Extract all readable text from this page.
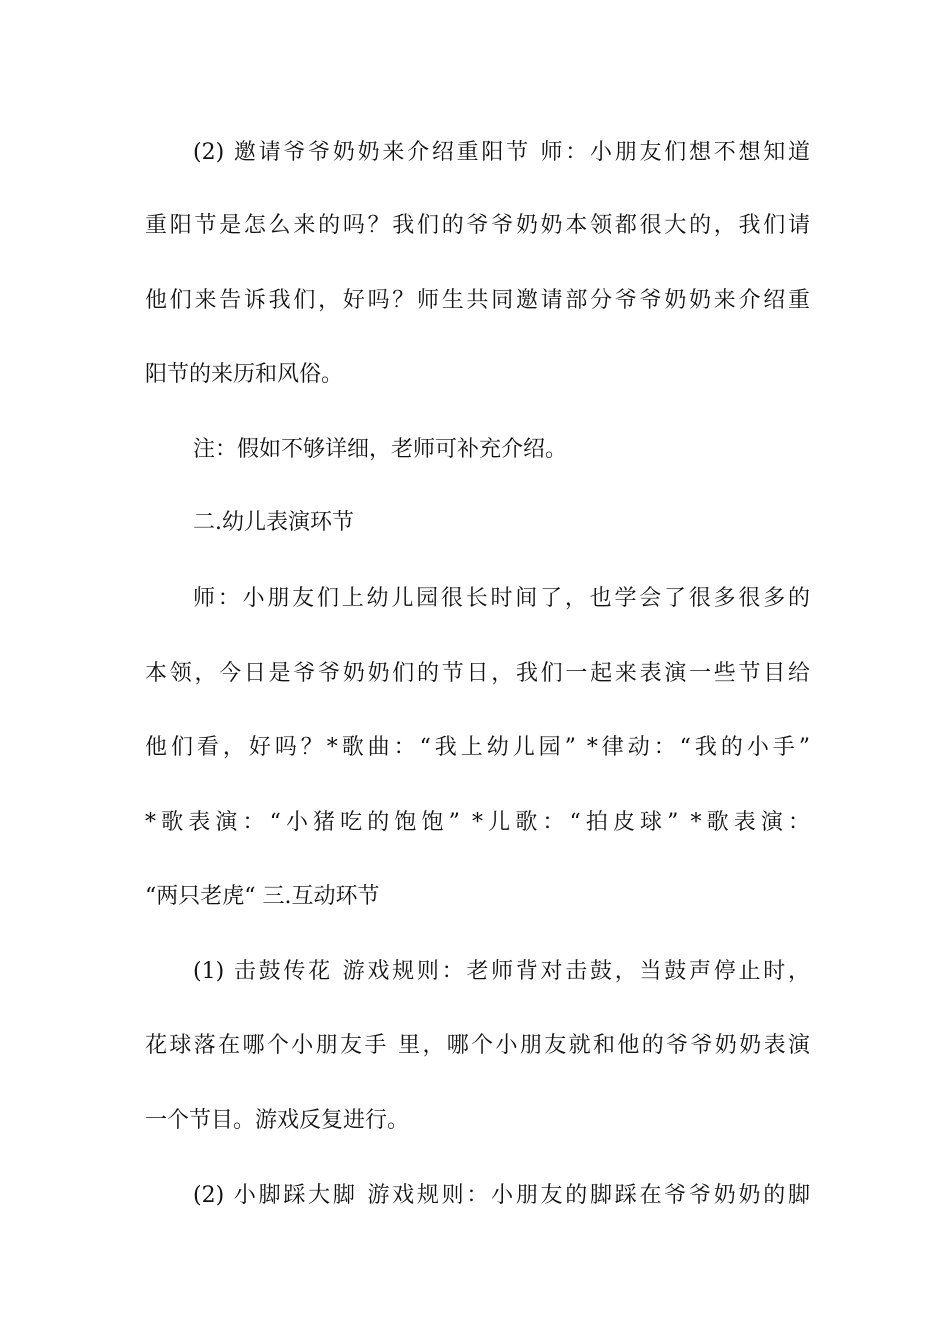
(2) 邀请爷爷奶奶来介绍重阳节 师：小朋友们想不想知道
重阳节是怎么来的吗？我们的爷爷奶奶本领都很大的，我们请
他们来告诉我们，好吗？师生共同邀请部分爷爷奶奶来介绍重
阳节的来历和风俗。
注：假如不够详细，老师可补充介绍。
二.幼儿表演环节
师：小朋友们上幼儿园很长时间了，也学会了很多很多的
本领，今日是爷爷奶奶们的节日，我们一起来表演一些节目给
他们看，好吗？*歌曲：“我上幼儿园” *律动：“我的小手”
*歌表演：“小猪吃的饱饱” *儿歌：“拍皮球” *歌表演：
“两只老虎“ 三.互动环节
(1) 击鼓传花 游戏规则：老师背对击鼓，当鼓声停止时，
花球落在哪个小朋友手 里，哪个小朋友就和他的爷爷奶奶表演
一个节目。游戏反复进行。
(2) 小脚踩大脚 游戏规则：小朋友的脚踩在爷爷奶奶的脚
